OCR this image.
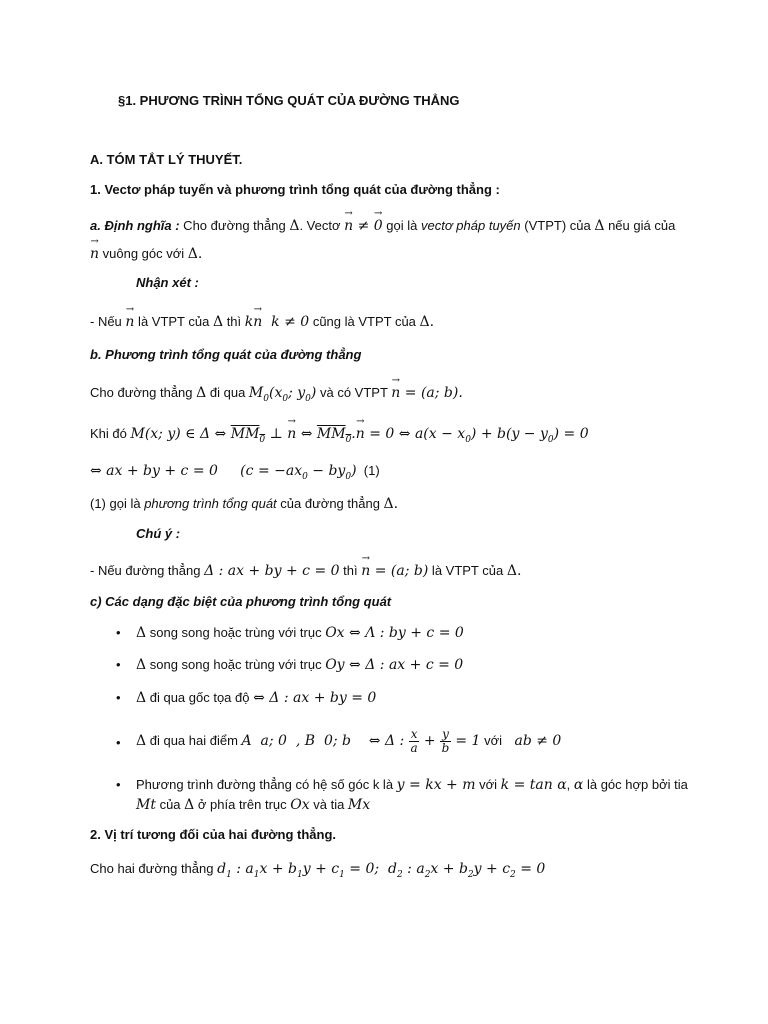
§1. PHƯƠNG TRÌNH TỔNG QUÁT CỦA ĐƯỜNG THẲNG
A. TÓM TẮT LÝ THUYẾT.
1. Vectơ pháp tuyến và phương trình tổng quát của đường thẳng :
a. Định nghĩa : Cho đường thẳng Δ. Vectơ → n ≠ → 0 gọi là vectơ pháp tuyến (VTPT) của Δ nếu giá của
→ n vuông góc với Δ.
Nhận xét :
- Nếu → n là VTPT của Δ thì k→ n  k ≠ 0 cũng là VTPT của Δ.
b. Phương trình tổng quát của đường thẳng
Cho đường thẳng Δ đi qua $M_0(x_0$; $y_0$) và có VTPT → n = (a; b).
Khi đó M(x; y) ∈ Δ ⇔ $MM_0$ ⊥ → n ⇔ $MM_0.\to n = 0$ ⇔ $a(x - x_0) + b(y - y_0) = 0$
⇔ ax + by + c = 0     $(c = -ax_0 - by_0)$ (1)
(1) gọi là phương trình tổng quát của đường thẳng Δ.
Chú ý :
- Nếu đường thẳng Δ : ax + by + c = 0 thì → n = (a; b) là VTPT của Δ.
c) Các dạng đặc biệt của phương trình tổng quát
• Δ song song hoặc trùng với trục Ox ⇔ Λ : by + c = 0
• Δ song song hoặc trùng với trục Oy ⇔ Δ : ax + c = 0
• Δ đi qua gốc tọa độ ⇔ Δ : ax + by = 0
• Δ đi qua hai điểm A  a; 0  , B  0; b    ⇔ Δ : $\frac{x}{a} + \frac{y}{b} = 1$ với   ab ≠ 0
• Phương trình đường thẳng có hệ số góc k là y = kx + m với k = tan α, α là góc hợp bởi tia
Mt của Δ ở phía trên trục Ox và tia Mx
2. Vị trí tương đối của hai đường thẳng.
Cho hai đường thẳng $d_1$ : $a_1x + b_1y + c_1 = 0$;  $d_2$ : $a_2x + b_2y + c_2 = 0$
